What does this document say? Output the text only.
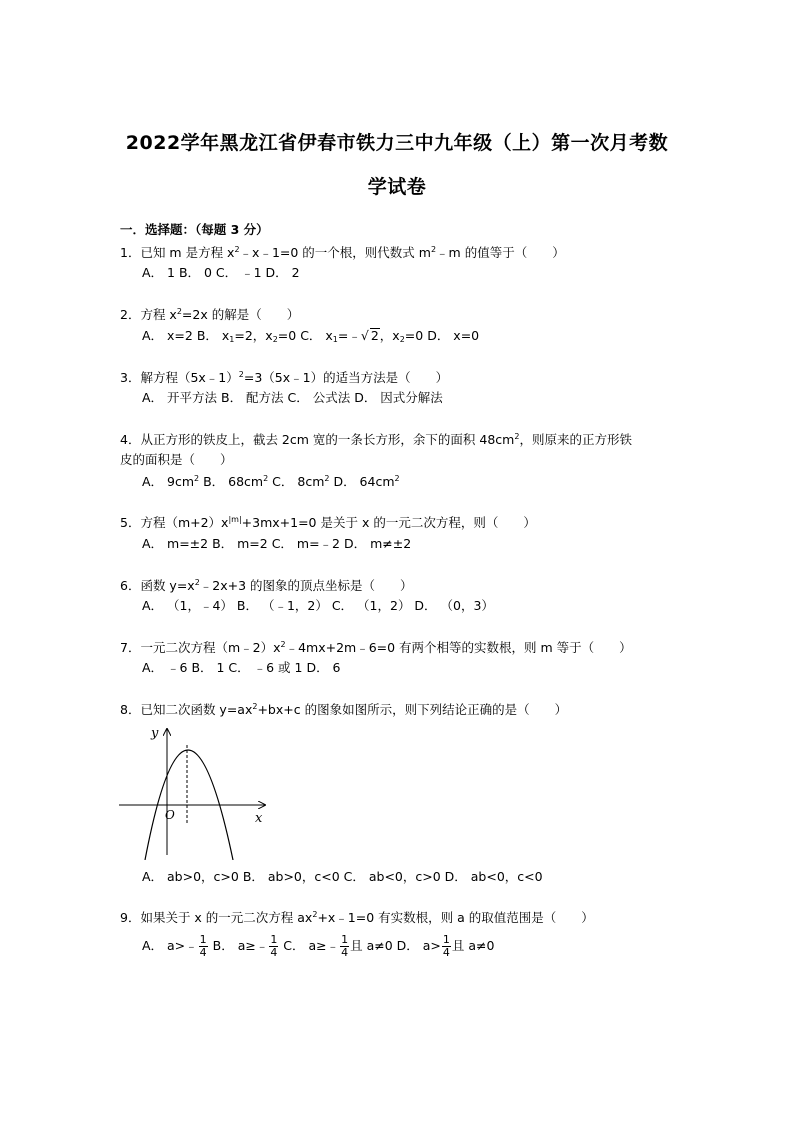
2022学年黑龙江省伊春市铁力三中九年级（上）第一次月考数
学试卷
一．选择题：（每题 3 分）
1．已知 m 是方程 $x^2﹣x﹣1=0$ 的一个根，则代数式 $m^2﹣m$ 的值等于（　　）
A． 1 B． 0 C． ﹣1 D． 2
2．方程 $x^2=2x$ 的解是（　　）
A． x=2 B． $x_1=2$，$x_2=0$ C． $x_1=﹣√$ 2，$x_2=0$ D． x=0
3．解方程（5x﹣1）$^2$=3（5x﹣1）的适当方法是（　　）
A． 开平方法 B． 配方法 C． 公式法 D． 因式分解法
4．从正方形的铁皮上，截去 2cm 宽的一条长方形，余下的面积 $48cm^2$，则原来的正方形铁
皮的面积是（　　）
A． $9cm^2$ B． $68cm^2$ C． $8cm^2$ D． $64cm^2$
5．方程$(m+2)x^{|m|}+3mx+1=0$ 是关于 x 的一元二次方程，则（　　）
A． m=±2 B． m=2 C． m=﹣2 D． m≠±2
6．函数 $y=x^2﹣2x+3$ 的图象的顶点坐标是（　　）
A． （1，﹣4） B． （﹣1，2） C． （1，2） D． （0，3）
7．一元二次方程$(m﹣2)x^2﹣4mx+2m﹣6=0$ 有两个相等的实数根，则 m 等于（　　）
A． ﹣6 B． 1 C． ﹣6 或 1 D． 6
8．已知二次函数 $y=ax^2+bx+c$ 的图象如图所示，则下列结论正确的是（　　）
y
x
O
A． ab>0，c>0 B． ab>0，c<0 C． ab<0，c>0 D． ab<0，c<0
9．如果关于 x 的一元二次方程 $ax^2+x﹣1=0$ 有实数根，则 a 的取值范围是（　　）
A． a>﹣ $\frac{1}{4}$ B． a≥﹣ $\frac{1}{4}$ C． a≥﹣ $\frac{1}{4}$ 且 a≠0 D． $a> \frac{1}{4}$ 且 a≠0
